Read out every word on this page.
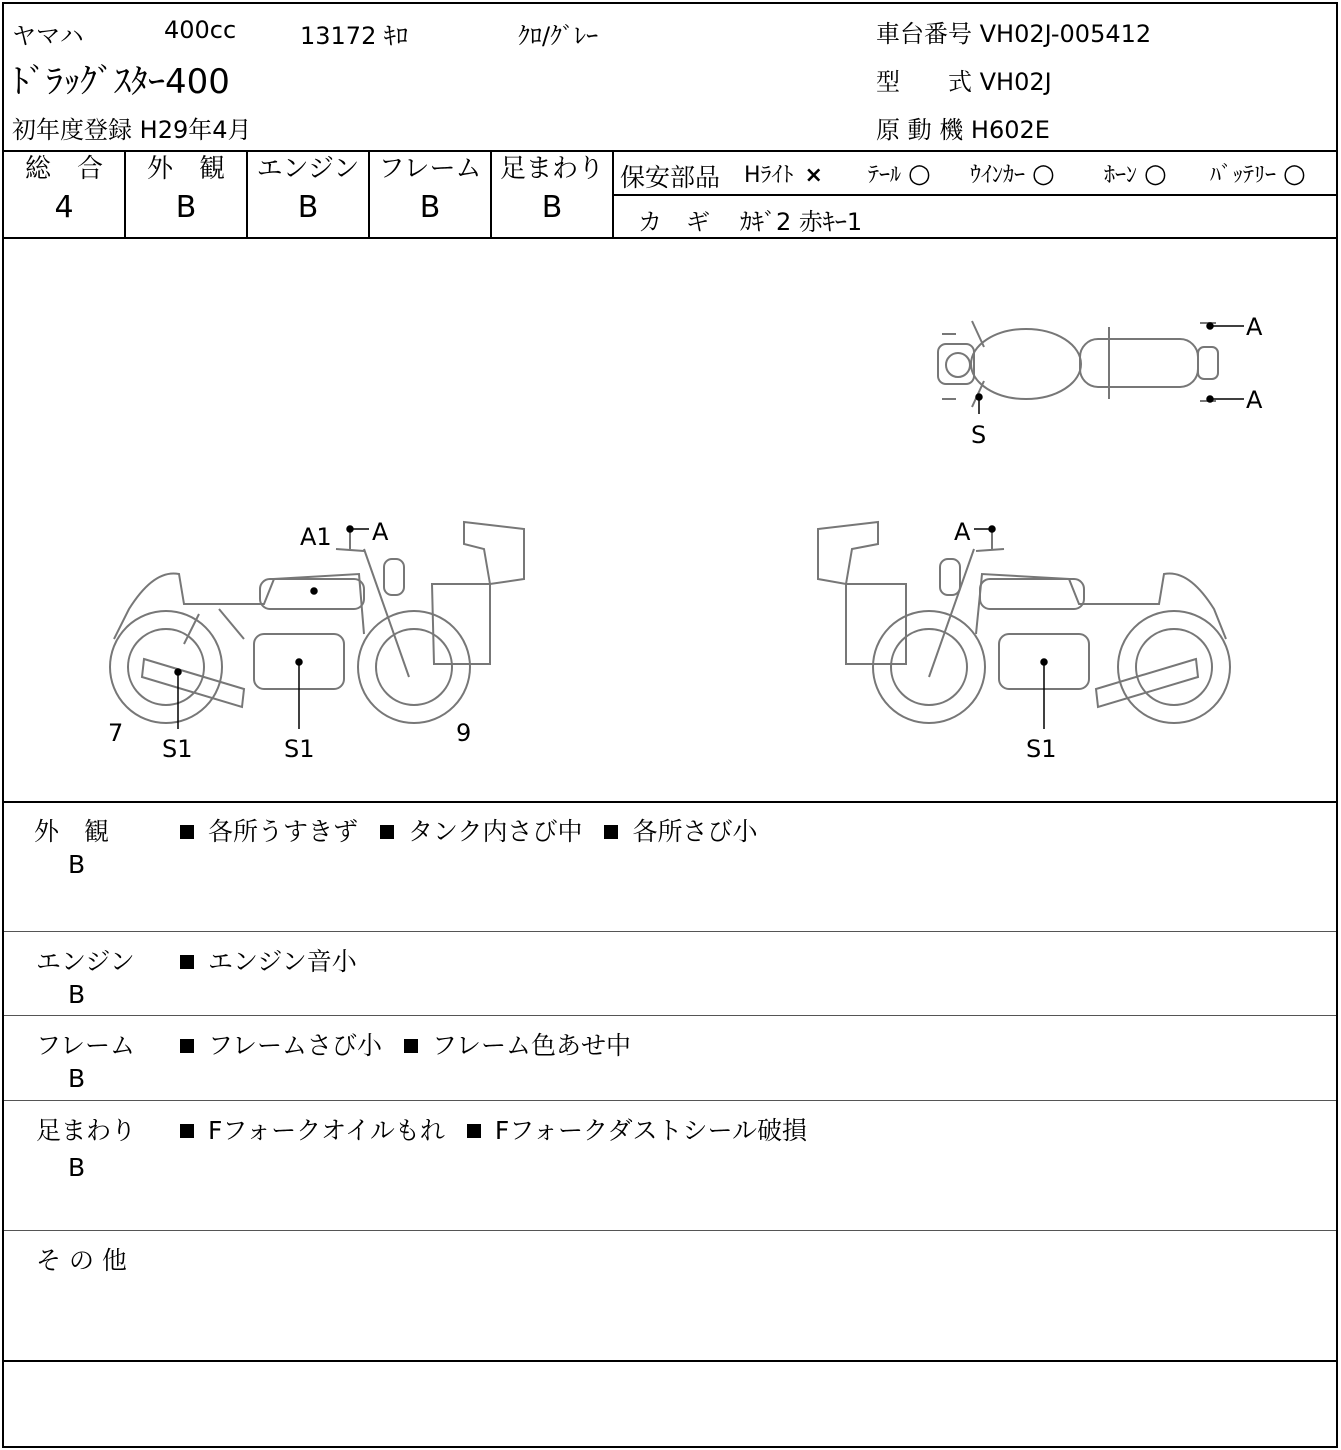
ヤマハ	400cc	13172 ｷﾛ	ｸﾛ/ｸﾞﾚｰ
ﾄﾞﾗｯｸﾞｽﾀｰ400
初年度登録 H29年4月
車台番号 VH02J-005412
型　　式 VH02J
原 動 機 H602E
総　合
4
外　観
B
エンジン
B
フレーム
B
足まわり
B
保安部品 Hﾗｲﾄ × ﾃｰﾙ ○ ｳｲﾝｶｰ ○ ﾎｰﾝ ○ ﾊﾞｯﾃﾘｰ ○
カ　ギ ｶｷﾞ2 赤ｷｰ1
A
A
S
A1 A
7
S1	S1
9
A
S1
外　観
B
各所うすきず タンク内さび中 各所さび小
エンジン
B
エンジン音小
フレーム
B
フレームさび小 フレーム色あせ中
足まわり
B
Fフォークオイルもれ Fフォークダストシール破損
そ の 他
